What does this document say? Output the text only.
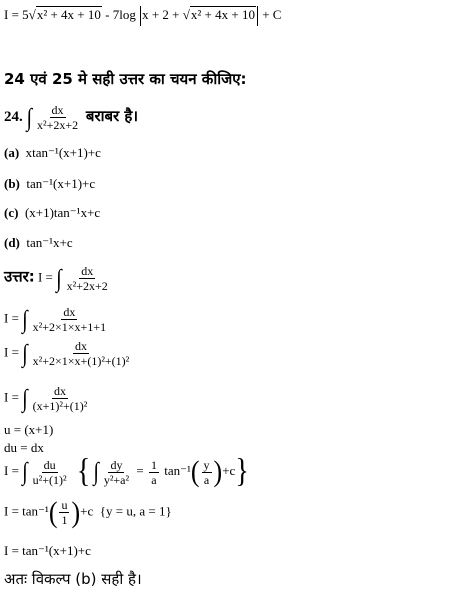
I = 5√x² + 4x + 10 - 7log x + 2 + √x² + 4x + 10 + C
24 एवं 25 मे सही उत्तर का चयन कीजिए:
24. ∫ $\frac{dx}{\text{x²+2x+2}}$ बराबर है।
(a) xtan⁻¹(x+1)+c
(b) tan⁻¹(x+1)+c
(c) (x+1)tan⁻¹x+c
(d) tan⁻¹x+c
उत्तर: I = ∫ $\frac{dx}{\text{x²+2x+2}}$
I = ∫ $\frac{dx}{\text{x²+2×1×x+1+1}}$
I = ∫ $\frac{dx}{\text{x²+2×1×x+(1)²+(1)²}}$
I = ∫ $\frac{dx}{\text{(x+1)²+(1)²}}$
u = (x+1)
du = dx
I = ∫ $\frac{du}{\text{u²+(1)²}}$ { ∫ $\frac{dy}{\text{y²+a²}} = \frac{1}{a} \tan^{-1}( \frac{y}{a} )+c$}
$I = \tan^{-1}( \frac{u}{1} )+c$ {y = u, a = 1}
I = tan⁻¹(x+1)+c
अतः विकल्प (b) सही है।
